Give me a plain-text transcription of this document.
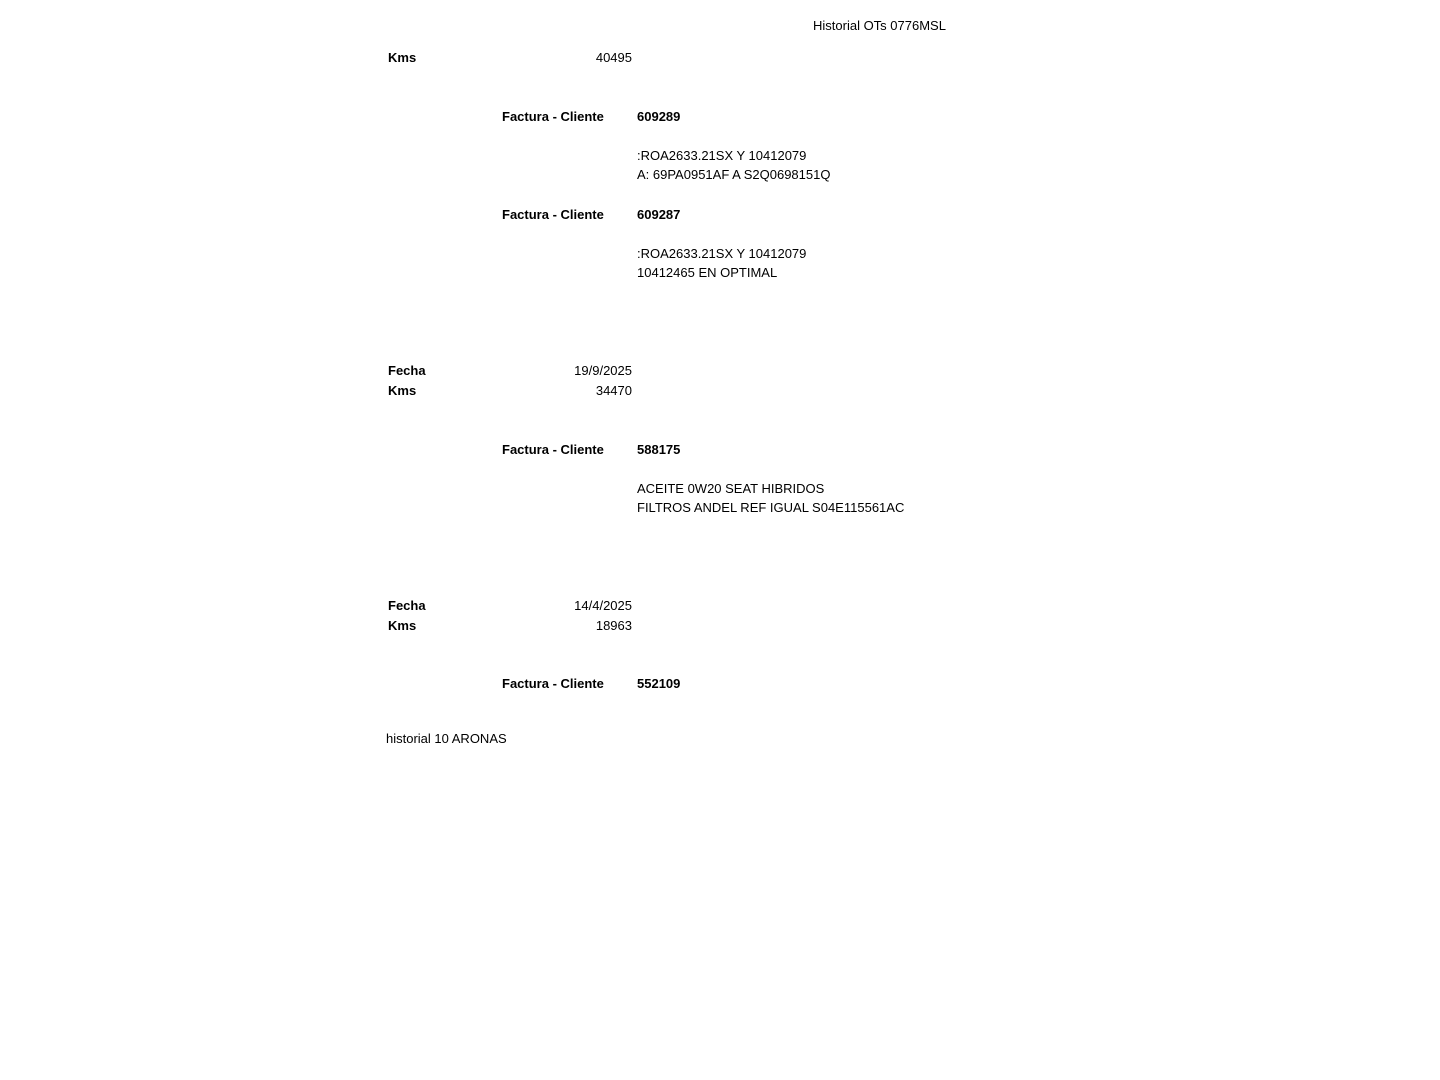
Historial OTs 0776MSL
Kms	40495
Factura - Cliente	609289
:ROA2633.21SX Y 10412079
A: 69PA0951AF A S2Q0698151Q
Factura - Cliente	609287
:ROA2633.21SX Y 10412079
10412465 EN OPTIMAL
Fecha	19/9/2025
Kms	34470
Factura - Cliente	588175
ACEITE 0W20 SEAT HIBRIDOS
FILTROS ANDEL REF IGUAL S04E115561AC
Fecha	14/4/2025
Kms	18963
Factura - Cliente	552109
historial 10 ARONAS
